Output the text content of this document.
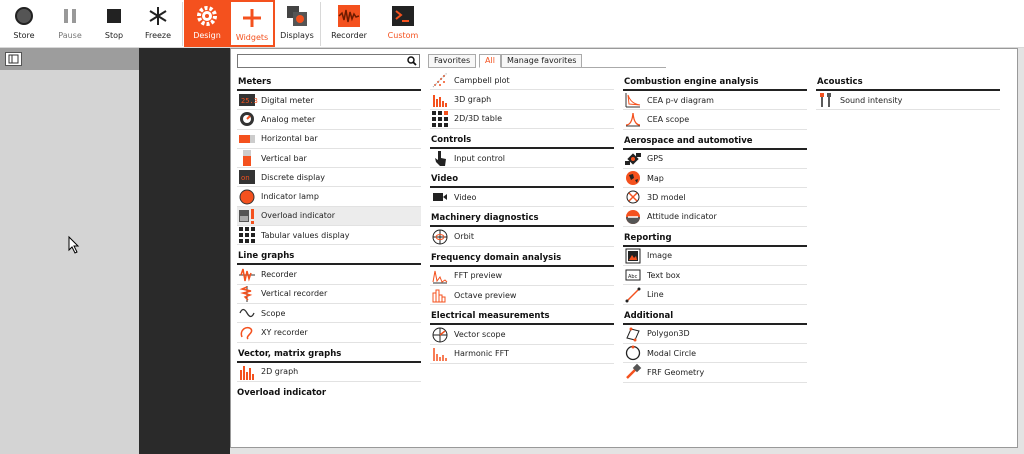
Store	Pause	Stop	Freeze	Design Widgets Displays Recorder	Custom
Favorites	All	Manage favorites
Meters
25.3 Digital meter
Analog meter
Horizontal bar
Vertical bar
on Discrete display
Indicator lamp
Overload indicator
Tabular values display
Line graphs
Recorder
Vertical recorder
Scope
XY recorder
Vector, matrix graphs
2D graph
Campbell plot
3D graph
2D/3D table
Controls
Input control
Video
Video
Machinery diagnostics
Orbit
Frequency domain analysis
FFT preview
Octave preview
Electrical measurements
Vector scope
Harmonic FFT
Combustion engine analysis
CEA p-v diagram
CEA scope
Aerospace and automotive
GPS
Map
3D model
Attitude indicator
Reporting
Image
Abc Text box
Line
Additional
Polygon3D
Modal Circle
FRF Geometry
Acoustics
Sound intensity
Overload indicator
